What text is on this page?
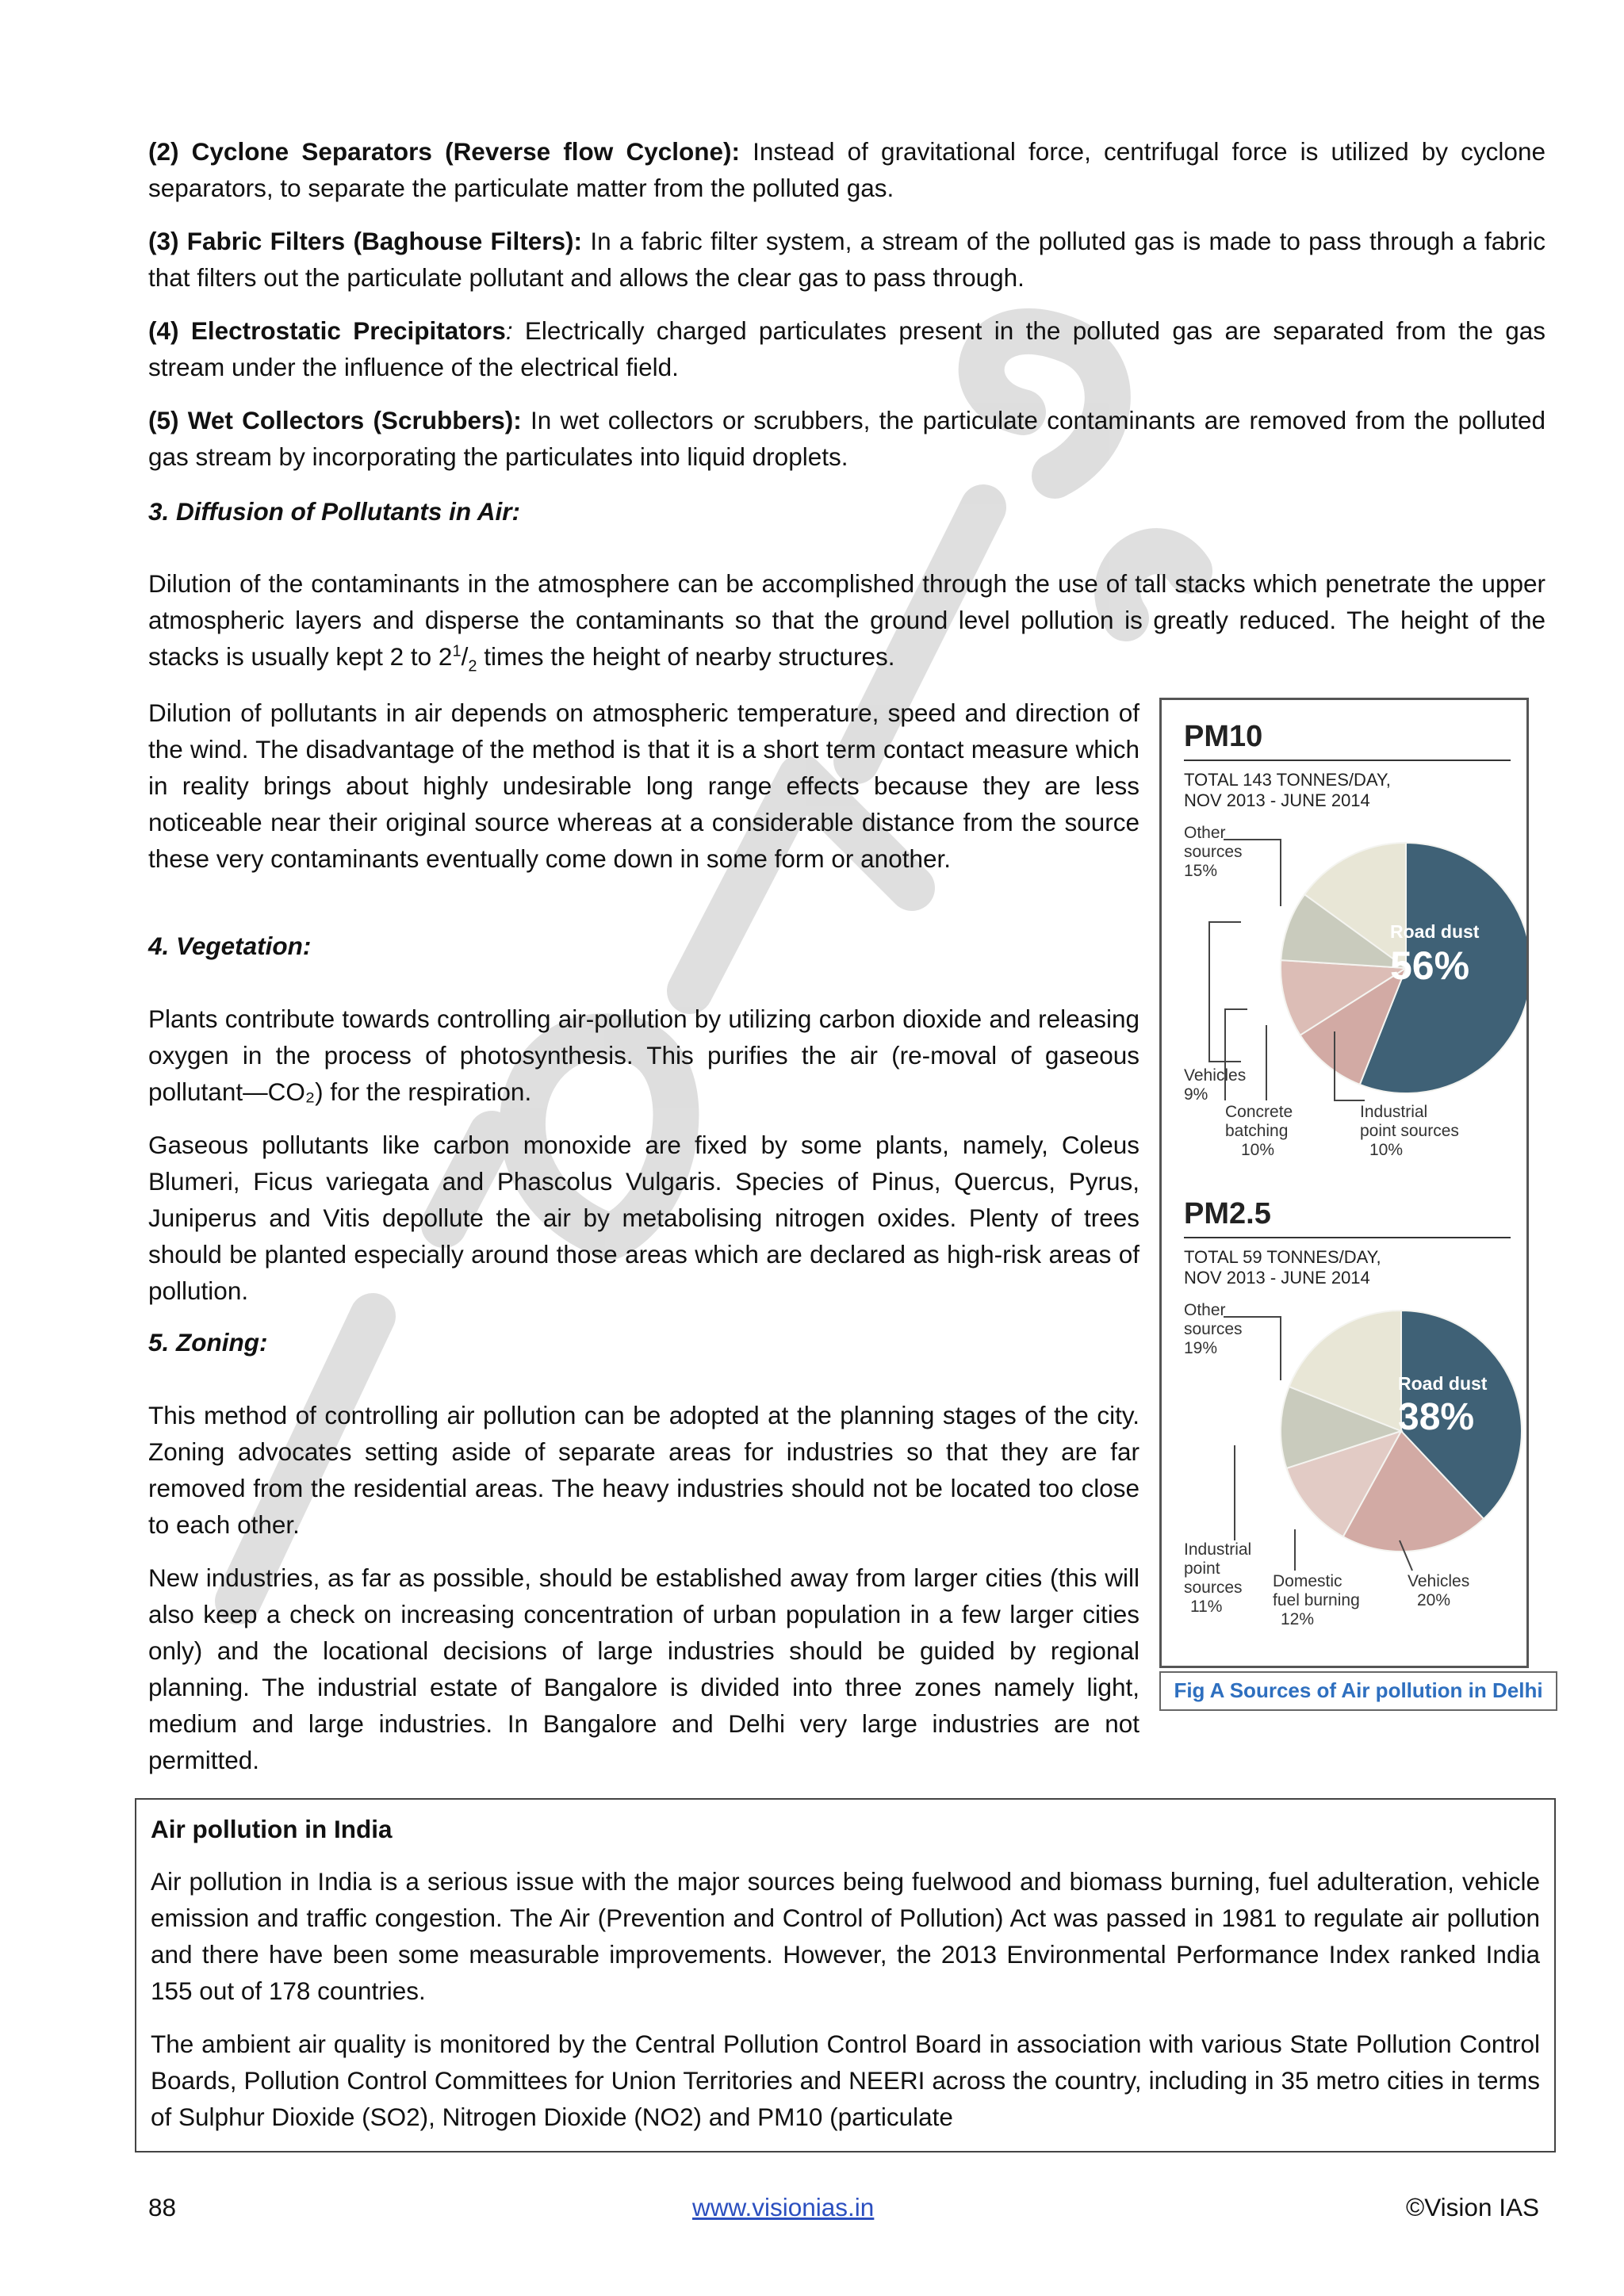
(2) Cyclone Separators (Reverse flow Cyclone): Instead of gravitational force, centrifugal force is utilized by cyclone separators, to separate the particulate matter from the polluted gas.

(3) Fabric Filters (Baghouse Filters): In a fabric filter system, a stream of the polluted gas is made to pass through a fabric that filters out the particulate pollutant and allows the clear gas to pass through.

(4) Electrostatic Precipitators: Electrically charged particulates present in the polluted gas are separated from the gas stream under the influence of the electrical field.

(5) Wet Collectors (Scrubbers): In wet collectors or scrubbers, the particulate contaminants are removed from the polluted gas stream by incorporating the particulates into liquid droplets.

3. Diffusion of Pollutants in Air:

Dilution of the contaminants in the atmosphere can be accomplished through the use of tall stacks which penetrate the upper atmospheric layers and disperse the contaminants so that the ground level pollution is greatly reduced. The height of the stacks is usually kept 2 to $2^1/_2$ times the height of nearby structures.

Dilution of pollutants in air depends on atmospheric temperature, speed and direction of the wind. The disadvantage of the method is that it is a short term contact measure which in reality brings about highly undesirable long range effects because they are less noticeable near their original source whereas at a considerable distance from the source these very contaminants eventually come down in some form or another.

4. Vegetation:

Plants contribute towards controlling air-pollution by utilizing carbon dioxide and releasing oxygen in the process of photosynthesis. This purifies the air (re-moval of gaseous pollutant—CO₂) for the respiration.

Gaseous pollutants like carbon monoxide are fixed by some plants, namely, Coleus Blumeri, Ficus variegata and Phascolus Vulgaris. Species of Pinus, Quercus, Pyrus, Juniperus and Vitis depollute the air by metabolising nitrogen oxides. Plenty of trees should be planted especially around those areas which are declared as high-risk areas of pollution.

5. Zoning:

This method of controlling air pollution can be adopted at the planning stages of the city. Zoning advocates setting aside of separate areas for industries so that they are far removed from the residential areas. The heavy industries should not be located too close to each other.

New industries, as far as possible, should be established away from larger cities (this will also keep a check on increasing concentration of urban population in a few larger cities only) and the locational decisions of large industries should be guided by regional planning. The industrial estate of Bangalore is divided into three zones namely light, medium and large industries. In Bangalore and Delhi very large industries are not permitted.

PM10
TOTAL 143 TONNES/DAY,
NOV 2013 - JUNE 2014
Other
sources
15%
Road dust
56%
Vehicles
9%
Concrete
batching
10%
Industrial
point sources
10%
PM2.5
TOTAL 59 TONNES/DAY,
NOV 2013 - JUNE 2014
Other
sources
19%
Road dust
38%
Industrial
point
sources
11%
Domestic
fuel burning
12%
Vehicles
20%
Fig A Sources of Air pollution in Delhi
Air pollution in India

Air pollution in India is a serious issue with the major sources being fuelwood and biomass burning, fuel adulteration, vehicle emission and traffic congestion. The Air (Prevention and Control of Pollution) Act was passed in 1981 to regulate air pollution and there have been some measurable improvements. However, the 2013 Environmental Performance Index ranked India 155 out of 178 countries.

The ambient air quality is monitored by the Central Pollution Control Board in association with various State Pollution Control Boards, Pollution Control Committees for Union Territories and NEERI across the country, including in 35 metro cities in terms of Sulphur Dioxide (SO2), Nitrogen Dioxide (NO2) and PM10 (particulate

88	www.visionias.in	©Vision IAS
